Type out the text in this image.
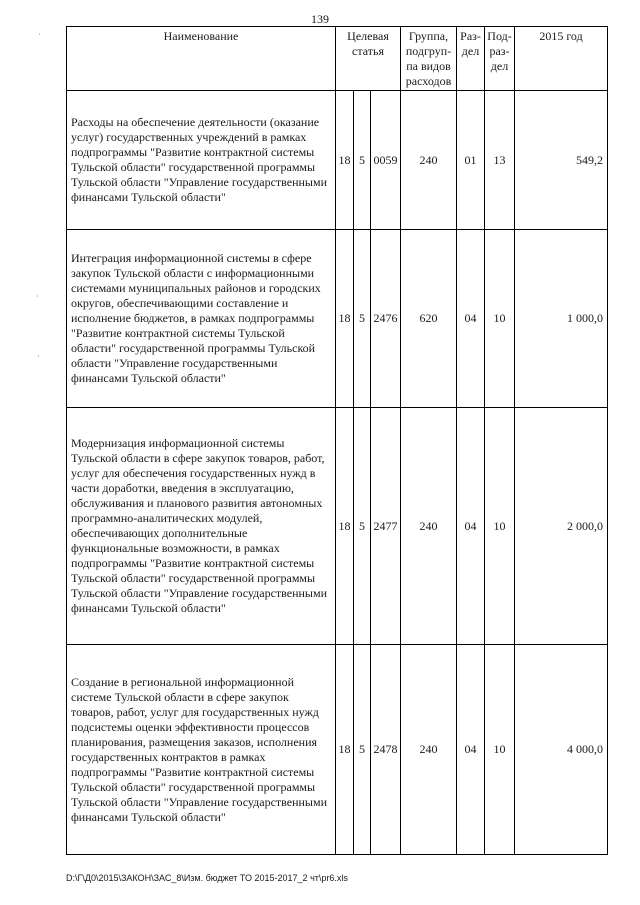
139
·
·
·
Наименование	Целевая статья			Группа, подгруп-па видов расходов	Раз-дел	Под-раз-дел	2015 год
Расходы на обеспечение деятельности (оказание услуг) государственных учреждений в рамках подпрограммы "Развитие контрактной системы Тульской области" государственной программы Тульской области "Управление государственными финансами Тульской области"	18	5	0059	240	01	13	549,2
Интеграция информационной системы в сфере закупок Тульской области с информационными системами муниципальных районов и городских округов, обеспечивающими составление и исполнение бюджетов, в рамках подпрограммы "Развитие контрактной системы Тульской области" государственной программы Тульской области "Управление государственными финансами Тульской области"	18	5	2476	620	04	10	1 000,0
Модернизация информационной системы Тульской области в сфере закупок товаров, работ, услуг для обеспечения государственных нужд в части доработки, введения в эксплуатацию, обслуживания и планового развития автономных программно-аналитических модулей, обеспечивающих дополнительные функциональные возможности, в рамках подпрограммы "Развитие контрактной системы Тульской области" государственной программы Тульской области "Управление государственными финансами Тульской области"	18	5	2477	240	04	10	2 000,0
Создание в региональной информационной системе Тульской области в сфере закупок товаров, работ, услуг для государственных нужд подсистемы оценки эффективности процессов планирования, размещения заказов, исполнения государственных контрактов в рамках подпрограммы "Развитие контрактной системы Тульской области" государственной программы Тульской области "Управление государственными финансами Тульской области"	18	5	2478	240	04	10	4 000,0
D:\Г\Д0\2015\ЗАКОН\ЗАС_8\Изм. бюджет ТО 2015-2017_2 чт\pr6.xls
